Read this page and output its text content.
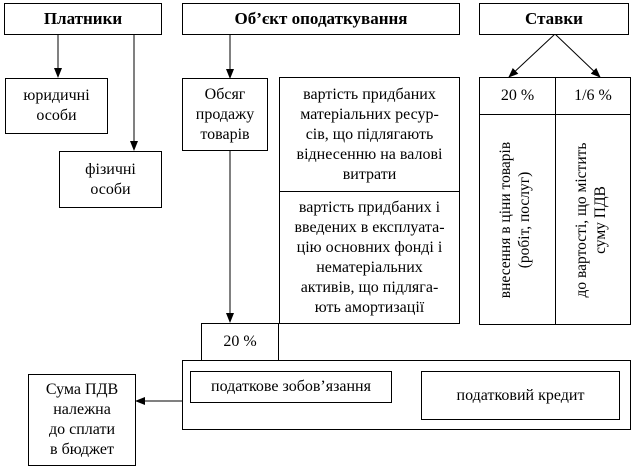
Платники	Об’єкт оподаткування	Ставки
юридичні
особи
фізичні
особи
Обсяг
продажу
товарів
вартість придбаних
матеріальних ресур-
сів, що підлягають
віднесенню на валові
витрати
вартість придбаних і
введених в експлуата-
цію основних фонді і
нематеріальних
активів, що підляга-
ють амортизації
20 %	1/6 %
внесення в ціни товарів
(робіт, послуг)
до вартості, що містить
суму ПДВ
20 %
податкове зобов’язання	податковий кредит
Сума ПДВ
належна
до сплати
в бюджет
